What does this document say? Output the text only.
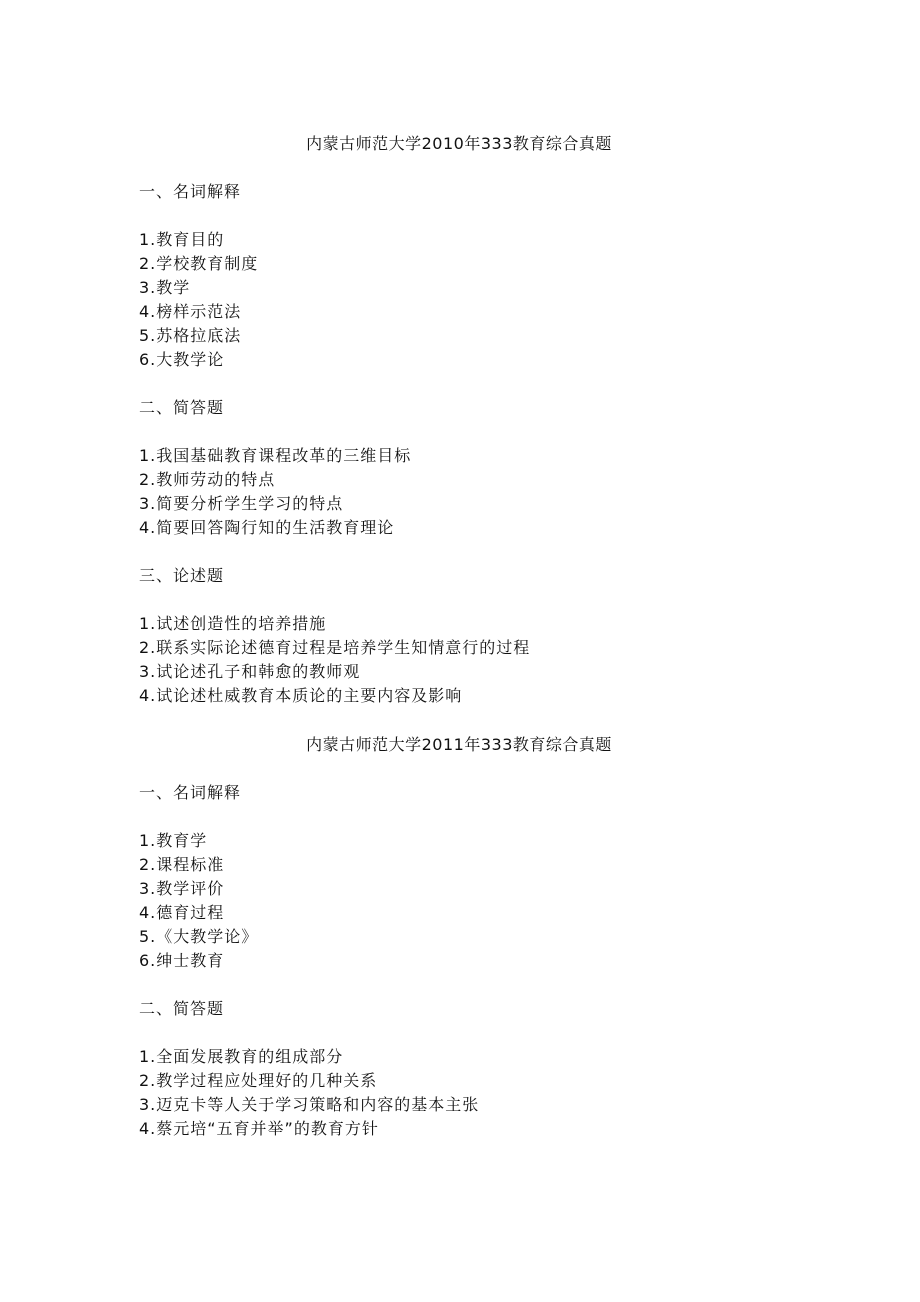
内蒙古师范大学2010年333教育综合真题
一、名词解释
1.教育目的
2.学校教育制度
3.教学
4.榜样示范法
5.苏格拉底法
6.大教学论
二、简答题
1.我国基础教育课程改革的三维目标
2.教师劳动的特点
3.简要分析学生学习的特点
4.简要回答陶行知的生活教育理论
三、论述题
1.试述创造性的培养措施
2.联系实际论述德育过程是培养学生知情意行的过程
3.试论述孔子和韩愈的教师观
4.试论述杜威教育本质论的主要内容及影响
内蒙古师范大学2011年333教育综合真题
一、名词解释
1.教育学
2.课程标准
3.教学评价
4.德育过程
5.《大教学论》
6.绅士教育
二、简答题
1.全面发展教育的组成部分
2.教学过程应处理好的几种关系
3.迈克卡等人关于学习策略和内容的基本主张
4.蔡元培“五育并举”的教育方针
